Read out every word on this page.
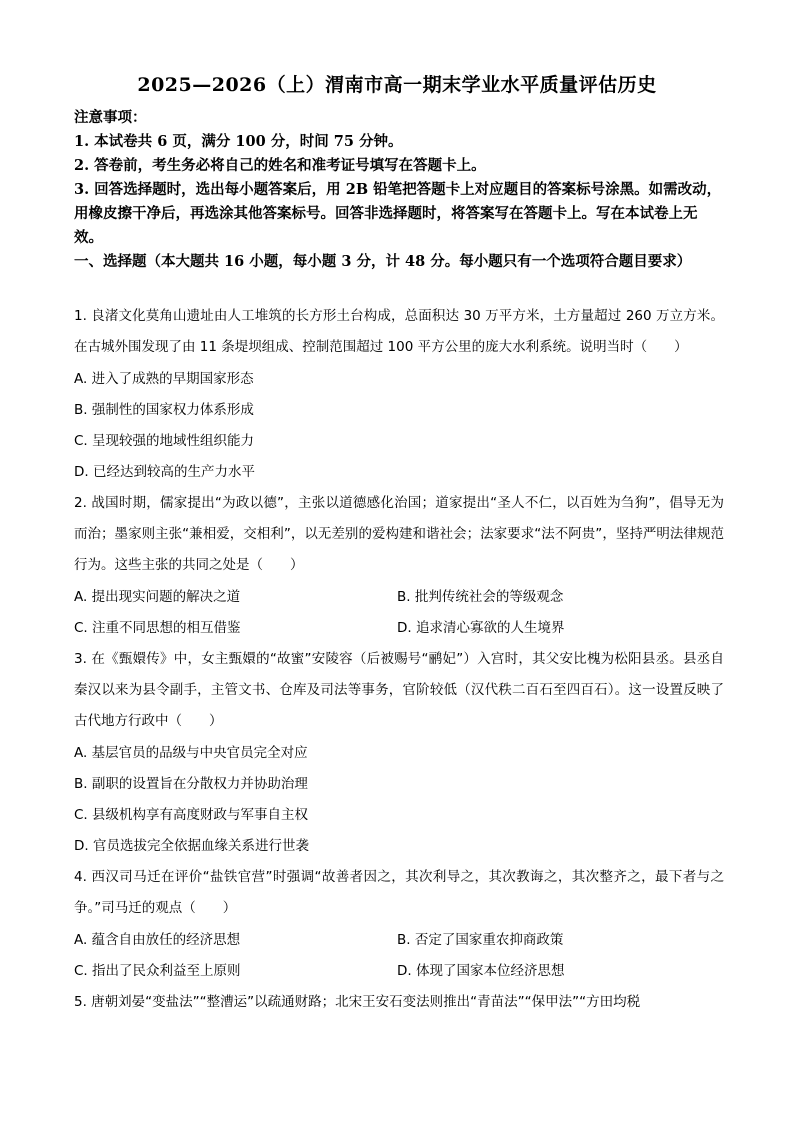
2025—2026（上）渭南市高一期末学业水平质量评估历史
注意事项：
1. 本试卷共 6 页，满分 100 分，时间 75 分钟。
2. 答卷前，考生务必将自己的姓名和准考证号填写在答题卡上。
3. 回答选择题时，选出每小题答案后，用 2B 铅笔把答题卡上对应题目的答案标号涂黑。如需改动，用橡皮擦干净后，再选涂其他答案标号。回答非选择题时，将答案写在答题卡上。写在本试卷上无效。
一、选择题（本大题共 16 小题，每小题 3 分，计 48 分。每小题只有一个选项符合题目要求）
1. 良渚文化莫角山遗址由人工堆筑的长方形土台构成，总面积达 30 万平方米，土方量超过 260 万立方米。在古城外围发现了由 11 条堤坝组成、控制范围超过 100 平方公里的庞大水利系统。说明当时（　　）
A. 进入了成熟的早期国家形态
B. 强制性的国家权力体系形成
C. 呈现较强的地域性组织能力
D. 已经达到较高的生产力水平
2. 战国时期，儒家提出“为政以德”，主张以道德感化治国；道家提出“圣人不仁，以百姓为刍狗”，倡导无为而治；墨家则主张“兼相爱，交相利”，以无差别的爱构建和谐社会；法家要求“法不阿贵”，坚持严明法律规范行为。这些主张的共同之处是（　　）
A. 提出现实问题的解决之道	B. 批判传统社会的等级观念
C. 注重不同思想的相互借鉴	D. 追求清心寡欲的人生境界
3. 在《甄嬛传》中，女主甄嬛的“故蜜”安陵容（后被赐号“鹂妃”）入宫时，其父安比槐为松阳县丞。县丞自秦汉以来为县令副手，主管文书、仓库及司法等事务，官阶较低（汉代秩二百石至四百石）。这一设置反映了古代地方行政中（　　）
A. 基层官员的品级与中央官员完全对应
B. 副职的设置旨在分散权力并协助治理
C. 县级机构享有高度财政与军事自主权
D. 官员选拔完全依据血缘关系进行世袭
4. 西汉司马迁在评价“盐铁官营”时强调“故善者因之，其次利导之，其次教诲之，其次整齐之，最下者与之争。”司马迁的观点（　　）
A. 蕴含自由放任的经济思想	B. 否定了国家重农抑商政策
C. 指出了民众利益至上原则	D. 体现了国家本位经济思想
5. 唐朝刘晏“变盐法”“整漕运”以疏通财路；北宋王安石变法则推出“青苗法”“保甲法”“方田均税
